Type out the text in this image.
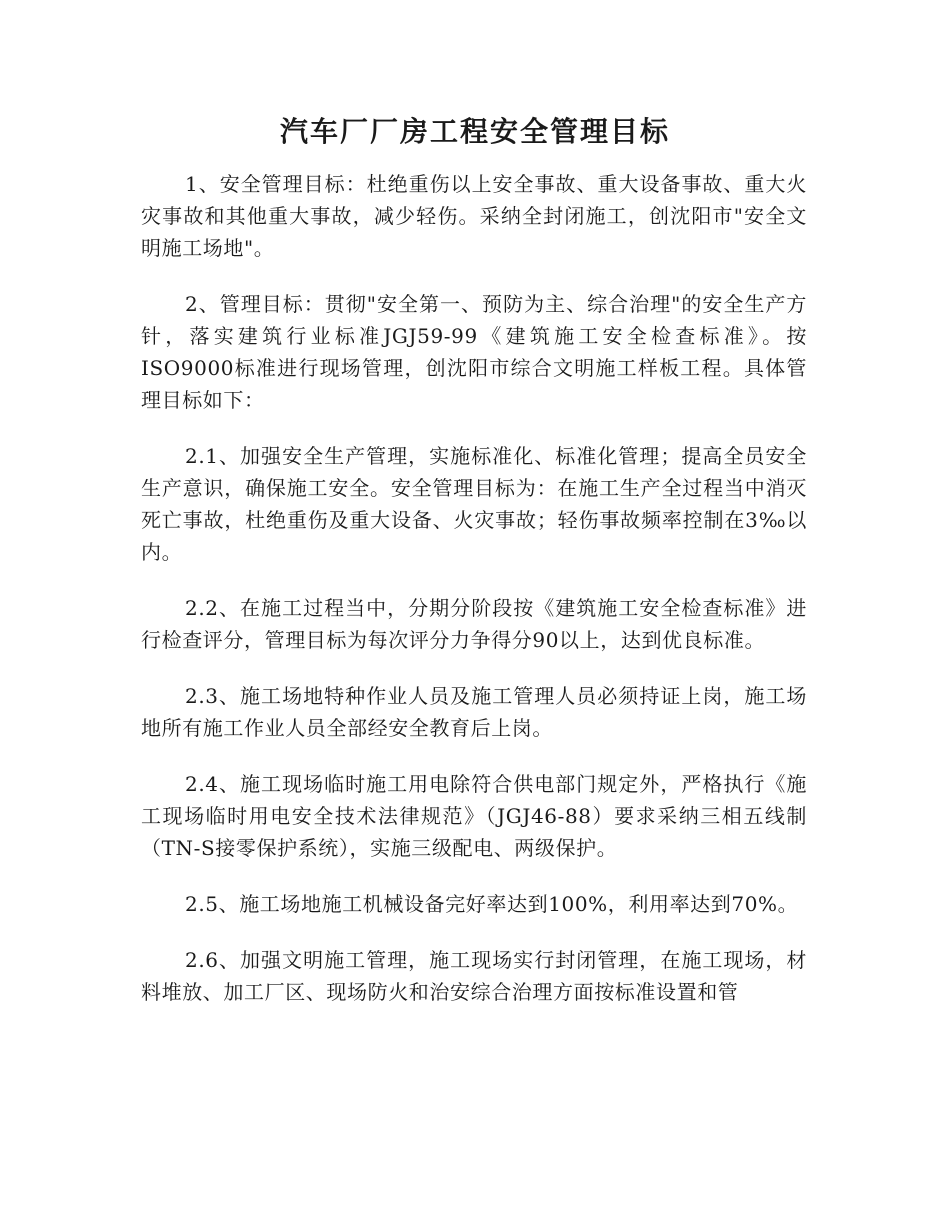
汽车厂厂房工程安全管理目标

1、安全管理目标：杜绝重伤以上安全事故、重大设备事故、重大火灾事故和其他重大事故，减少轻伤。采纳全封闭施工，创沈阳市"安全文明施工场地"。

2、管理目标：贯彻"安全第一、预防为主、综合治理"的安全生产方针，落实建筑行业标准JGJ59-99《建筑施工安全检查标准》。按ISO9000标准进行现场管理，创沈阳市综合文明施工样板工程。具体管理目标如下：

2.1、加强安全生产管理，实施标准化、标准化管理；提高全员安全生产意识，确保施工安全。安全管理目标为：在施工生产全过程当中消灭死亡事故，杜绝重伤及重大设备、火灾事故；轻伤事故频率控制在3‰以内。

2.2、在施工过程当中，分期分阶段按《建筑施工安全检查标准》进行检查评分，管理目标为每次评分力争得分90以上，达到优良标准。

2.3、施工场地特种作业人员及施工管理人员必须持证上岗，施工场地所有施工作业人员全部经安全教育后上岗。

2.4、施工现场临时施工用电除符合供电部门规定外，严格执行《施工现场临时用电安全技术法律规范》（JGJ46-88）要求采纳三相五线制（TN-S接零保护系统），实施三级配电、两级保护。

2.5、施工场地施工机械设备完好率达到100%，利用率达到70%。

2.6、加强文明施工管理，施工现场实行封闭管理，在施工现场，材料堆放、加工厂区、现场防火和治安综合治理方面按标准设置和管
